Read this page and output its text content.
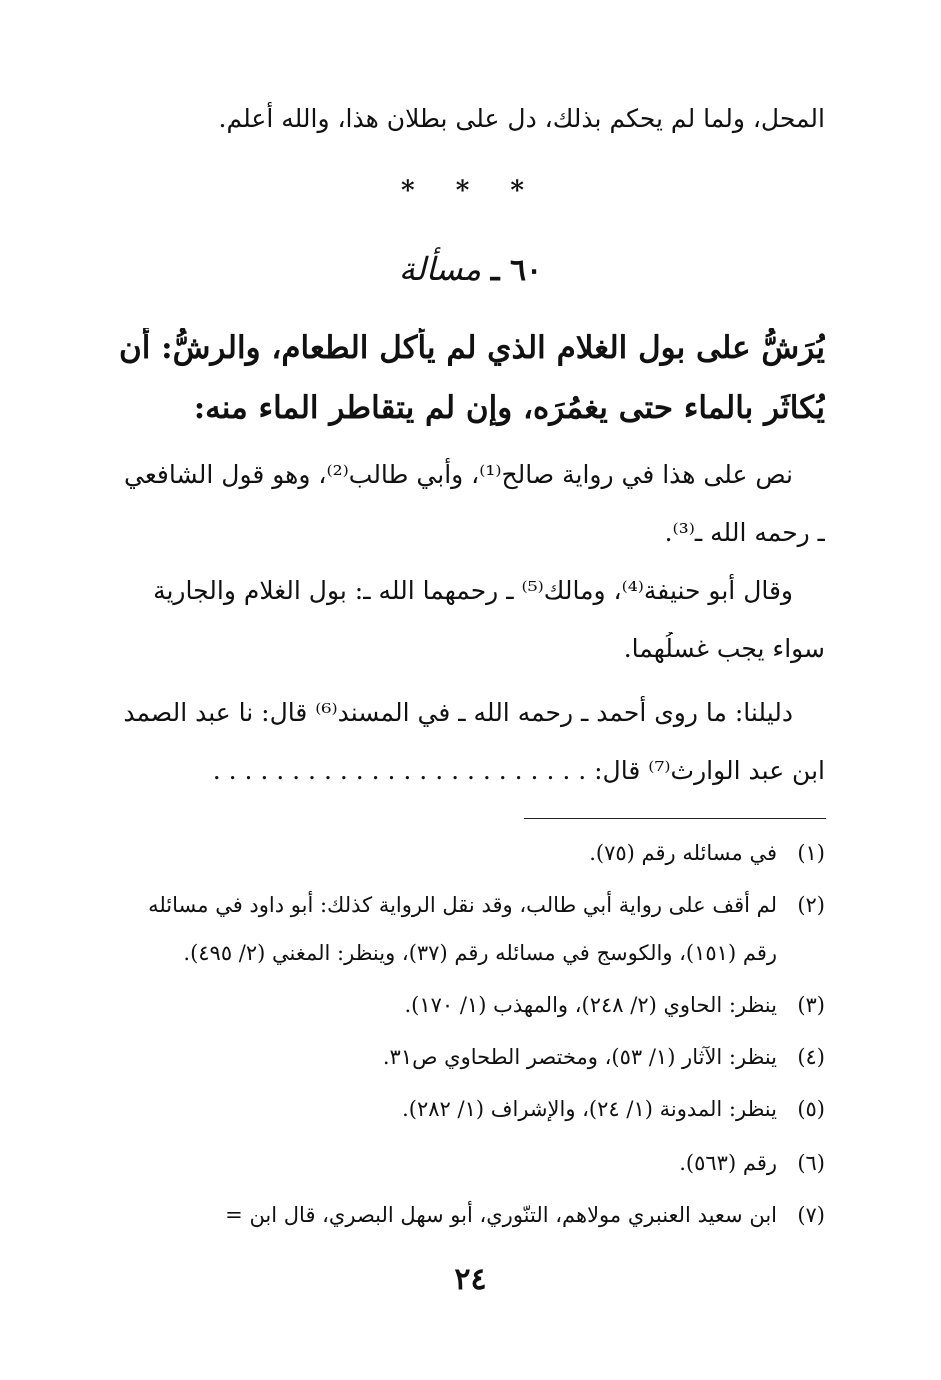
المحل، ولما لم يحكم بذلك، دل على بطلان هذا، والله أعلم.
* * *
٦٠ ـ مسألة
يُرَشُّ على بول الغلام الذي لم يأكل الطعام، والرشُّ: أن
يُكاثَر بالماء حتى يغمُرَه، وإن لم يتقاطر الماء منه:
نص على هذا في رواية صالح⁽¹⁾، وأبي طالب⁽²⁾، وهو قول الشافعي
ـ رحمه الله ـ⁽³⁾.
وقال أبو حنيفة⁽⁴⁾، ومالك⁽⁵⁾ ـ رحمهما الله ـ: بول الغلام والجارية
سواء يجب غسلُهما.
دليلنا: ما روى أحمد ـ رحمه الله ـ في المسند⁽⁶⁾ قال: نا عبد الصمد
ابن عبد الوارث⁽⁷⁾ قال: . . . . . . . . . . . . . . . . . . . . . . . .
(١)في مسائله رقم (٧٥).
(٢)لم أقف على رواية أبي طالب، وقد نقل الرواية كذلك: أبو داود في مسائله
رقم (١٥١)، والكوسج في مسائله رقم (٣٧)، وينظر: المغني (٢/ ٤٩٥).
(٣)ينظر: الحاوي (٢/ ٢٤٨)، والمهذب (١/ ١٧٠).
(٤)ينظر: الآثار (١/ ٥٣)، ومختصر الطحاوي ص٣١.
(٥)ينظر: المدونة (١/ ٢٤)، والإشراف (١/ ٢٨٢).
(٦)رقم (٥٦٣).
(٧)ابن سعيد العنبري مولاهم، التنّوري، أبو سهل البصري، قال ابن =
٢٤
